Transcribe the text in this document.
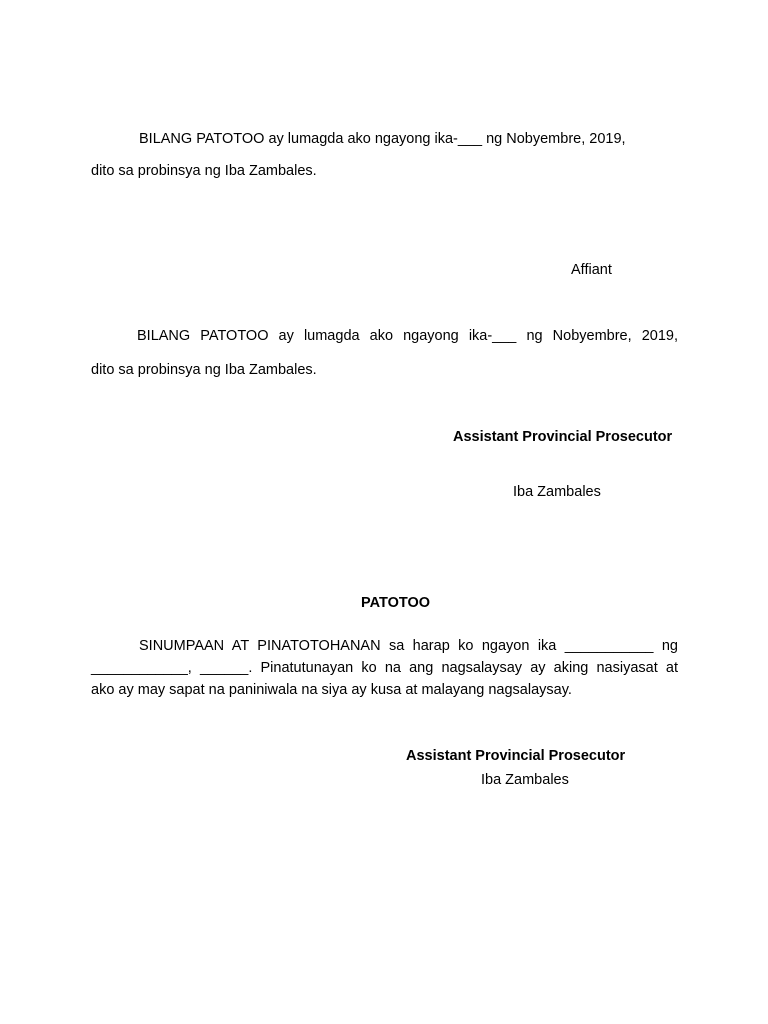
BILANG PATOTOO ay lumagda ako ngayong ika-___ ng Nobyembre, 2019,
dito sa probinsya ng Iba Zambales.
Affiant
BILANG PATOTOO ay lumagda ako ngayong ika-___ ng Nobyembre, 2019,
dito sa probinsya ng Iba Zambales.
Assistant Provincial Prosecutor
Iba Zambales
PATOTOO
SINUMPAAN AT PINATOTOHANAN sa harap ko ngayon ika ___________ ng
____________, ______. Pinatutunayan ko na ang nagsalaysay ay aking nasiyasat at
ako ay may sapat na paniniwala na siya ay kusa at malayang nagsalaysay.
Assistant Provincial Prosecutor
Iba Zambales
